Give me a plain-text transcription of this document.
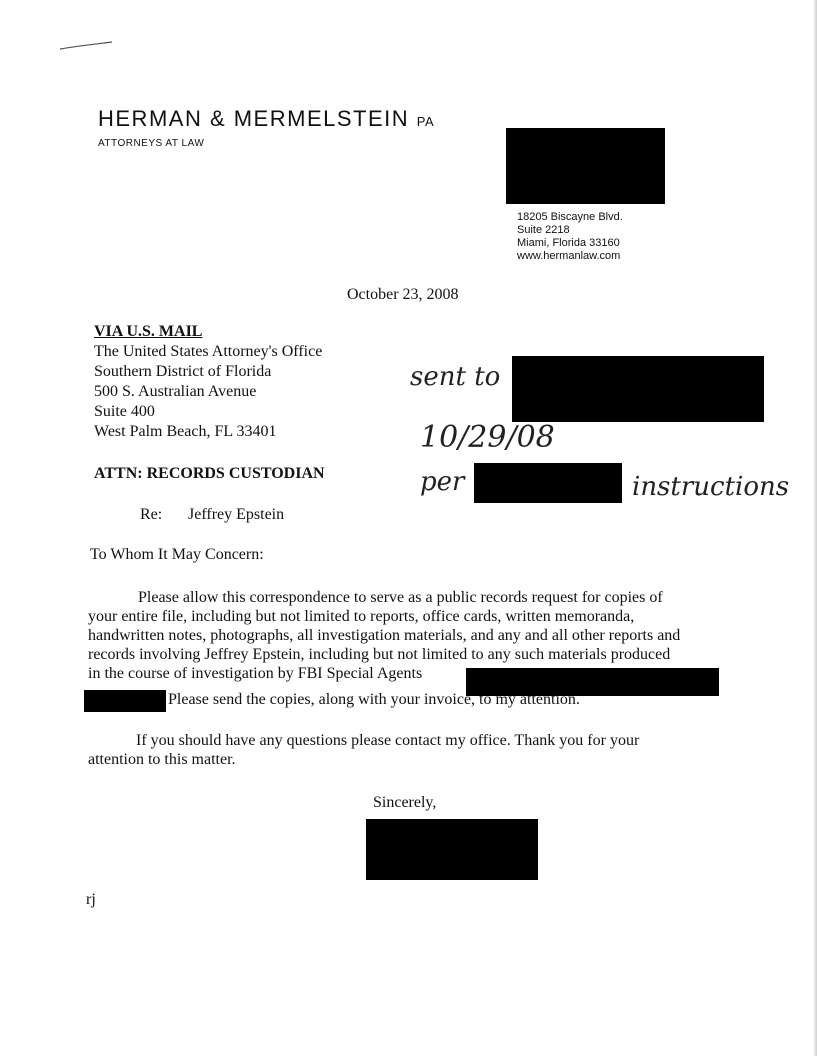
HERMAN & MERMELSTEIN PA
ATTORNEYS AT LAW
18205 Biscayne Blvd.
Suite 2218
Miami, Florida 33160
www.hermanlaw.com
October 23, 2008
VIA U.S. MAIL
The United States Attorney's Office
Southern District of Florida
500 S. Australian Avenue
Suite 400
West Palm Beach, FL 33401
ATTN: RECORDS CUSTODIAN
Re: Jeffrey Epstein
To Whom It May Concern:
sent to
10/29/08
per	instructions
Please allow this correspondence to serve as a public records request for copies of
your entire file, including but not limited to reports, office cards, written memoranda,
handwritten notes, photographs, all investigation materials, and any and all other reports and
records involving Jeffrey Epstein, including but not limited to any such materials produced
in the course of investigation by FBI Special Agents
Please send the copies, along with your invoice, to my attention.
If you should have any questions please contact my office. Thank you for your
attention to this matter.
Sincerely,
rj
